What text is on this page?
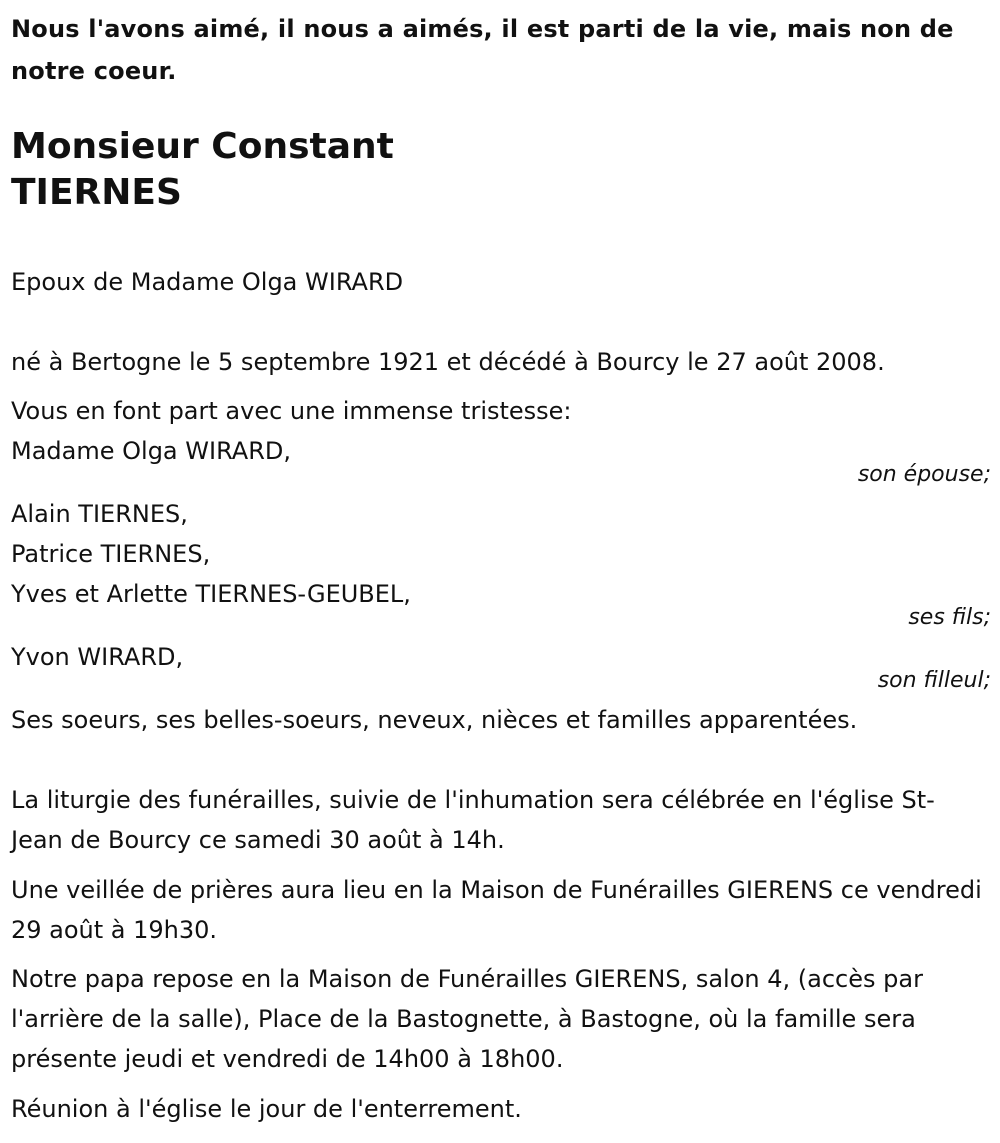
Nous l'avons aimé, il nous a aimés, il est parti de la vie, mais non de notre coeur.
Monsieur Constant
TIERNES
Epoux de Madame Olga WIRARD
né à Bertogne le 5 septembre 1921 et décédé à Bourcy le 27 août 2008.
Vous en font part avec une immense tristesse:
Madame Olga WIRARD,
son épouse;
Alain TIERNES,
Patrice TIERNES,
Yves et Arlette TIERNES-GEUBEL,
ses fils;
Yvon WIRARD,
son filleul;
Ses soeurs, ses belles-soeurs, neveux, nièces et familles apparentées.
La liturgie des funérailles, suivie de l'inhumation sera célébrée en l'église St-Jean de Bourcy ce samedi 30 août à 14h.
Une veillée de prières aura lieu en la Maison de Funérailles GIERENS ce vendredi 29 août à 19h30.
Notre papa repose en la Maison de Funérailles GIERENS, salon 4, (accès par l'arrière de la salle), Place de la Bastognette, à Bastogne, où la famille sera présente jeudi et vendredi de 14h00 à 18h00.
Réunion à l'église le jour de l'enterrement.
